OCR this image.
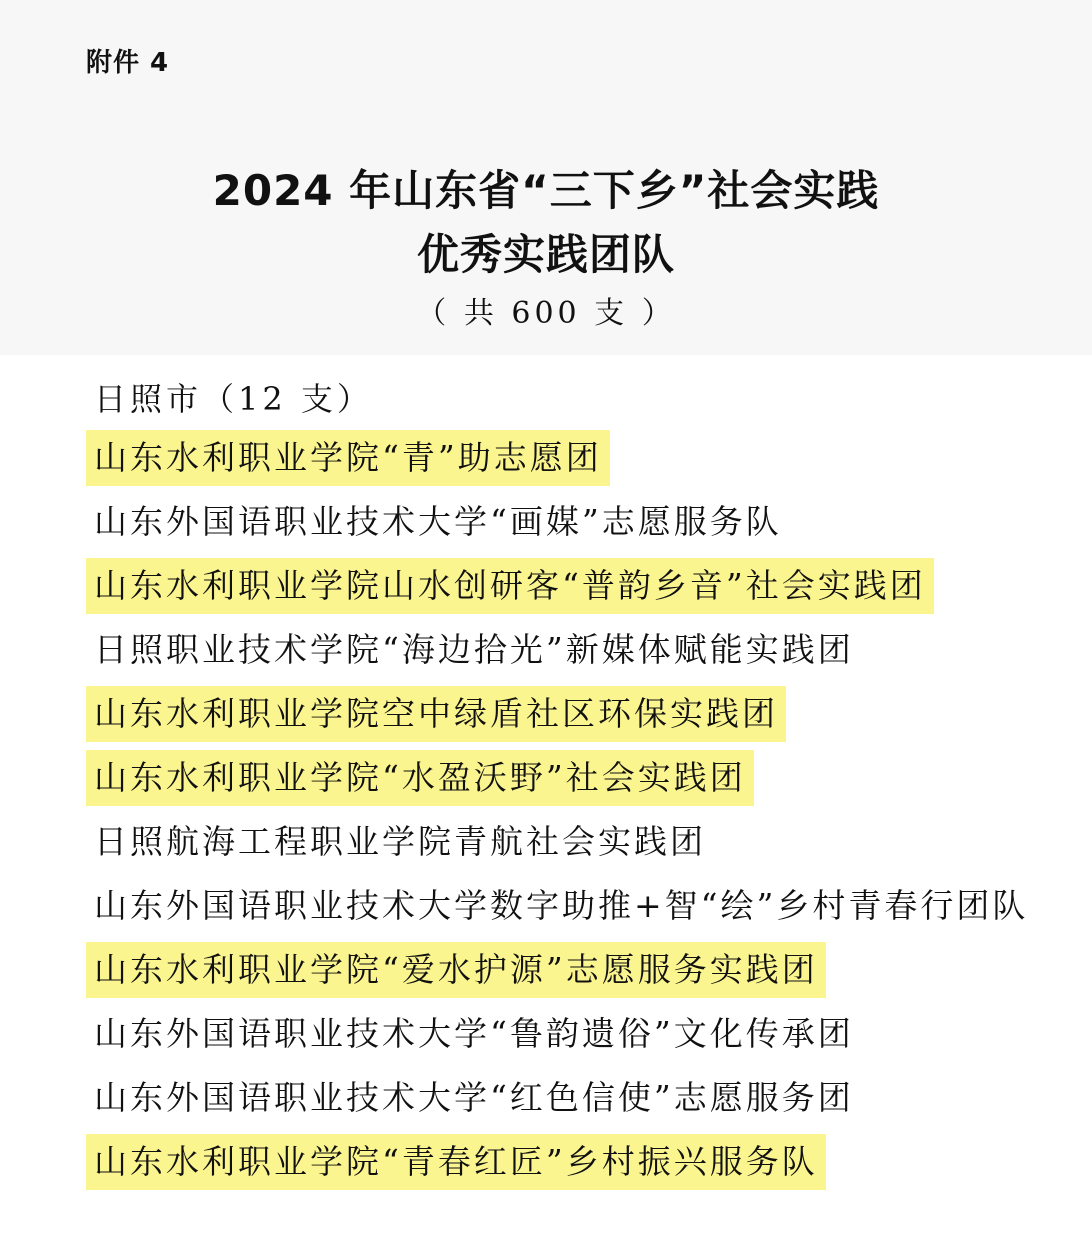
附件 4
2024 年山东省“三下乡”社会实践
优秀实践团队
（ 共 600 支 ）
日照市（12 支）
山东水利职业学院“青”助志愿团
山东外国语职业技术大学“画媒”志愿服务队
山东水利职业学院山水创研客“普韵乡音”社会实践团
日照职业技术学院“海边拾光”新媒体赋能实践团
山东水利职业学院空中绿盾社区环保实践团
山东水利职业学院“水盈沃野”社会实践团
日照航海工程职业学院青航社会实践团
山东外国语职业技术大学数字助推+智“绘”乡村青春行团队
山东水利职业学院“爱水护源”志愿服务实践团
山东外国语职业技术大学“鲁韵遗俗”文化传承团
山东外国语职业技术大学“红色信使”志愿服务团
山东水利职业学院“青春红匠”乡村振兴服务队
